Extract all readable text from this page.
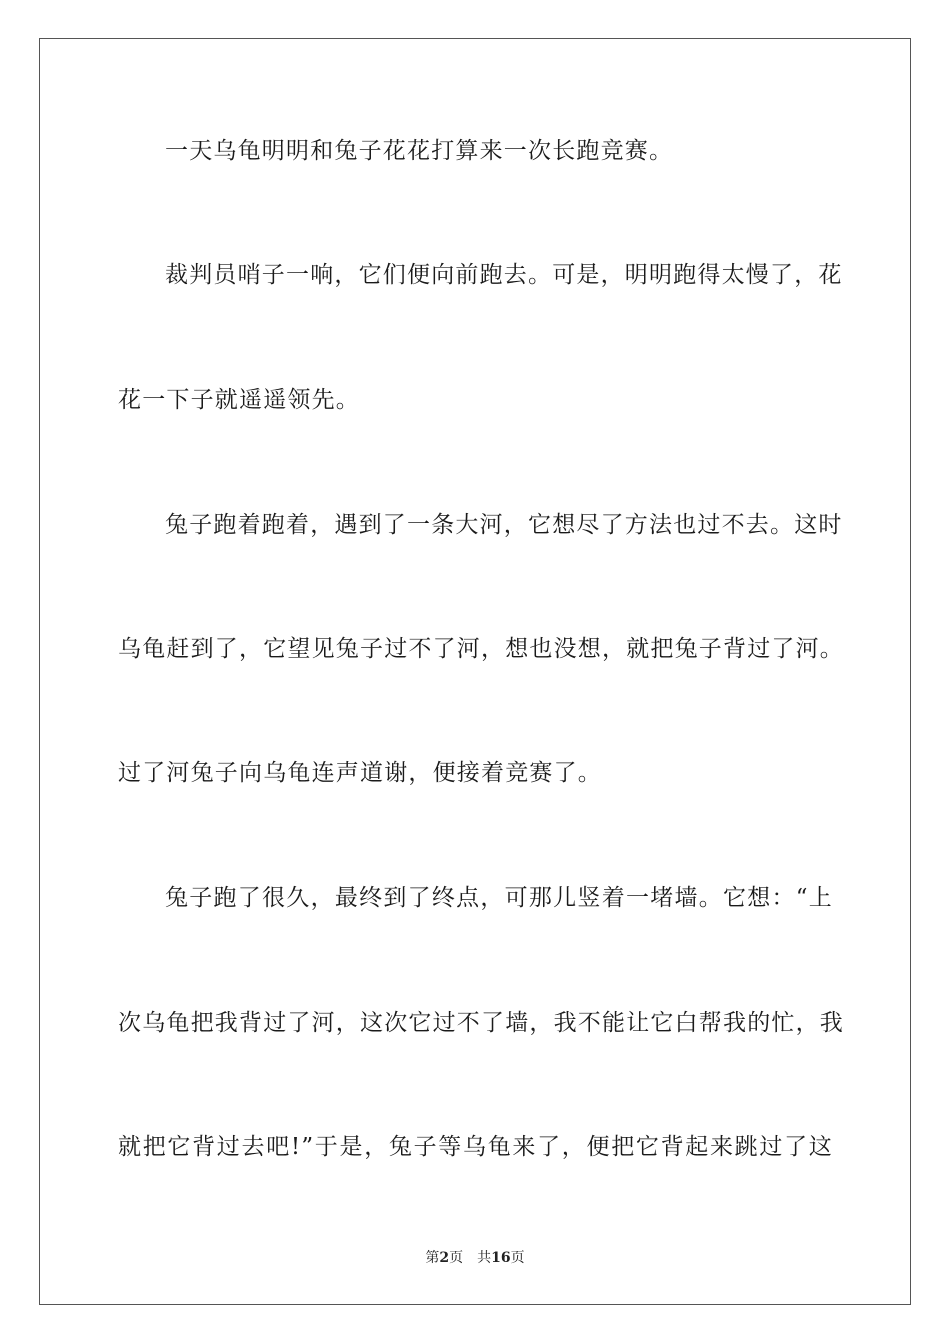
一天乌龟明明和兔子花花打算来一次长跑竞赛。
裁判员哨子一响，它们便向前跑去。可是，明明跑得太慢了，花
花一下子就遥遥领先。
兔子跑着跑着，遇到了一条大河，它想尽了方法也过不去。这时
乌龟赶到了，它望见兔子过不了河，想也没想，就把兔子背过了河。
过了河兔子向乌龟连声道谢，便接着竞赛了。
兔子跑了很久，最终到了终点，可那儿竖着一堵墙。它想：“上
次乌龟把我背过了河，这次它过不了墙，我不能让它白帮我的忙，我
就把它背过去吧!”于是，兔子等乌龟来了，便把它背起来跳过了这
第2页 共16页
